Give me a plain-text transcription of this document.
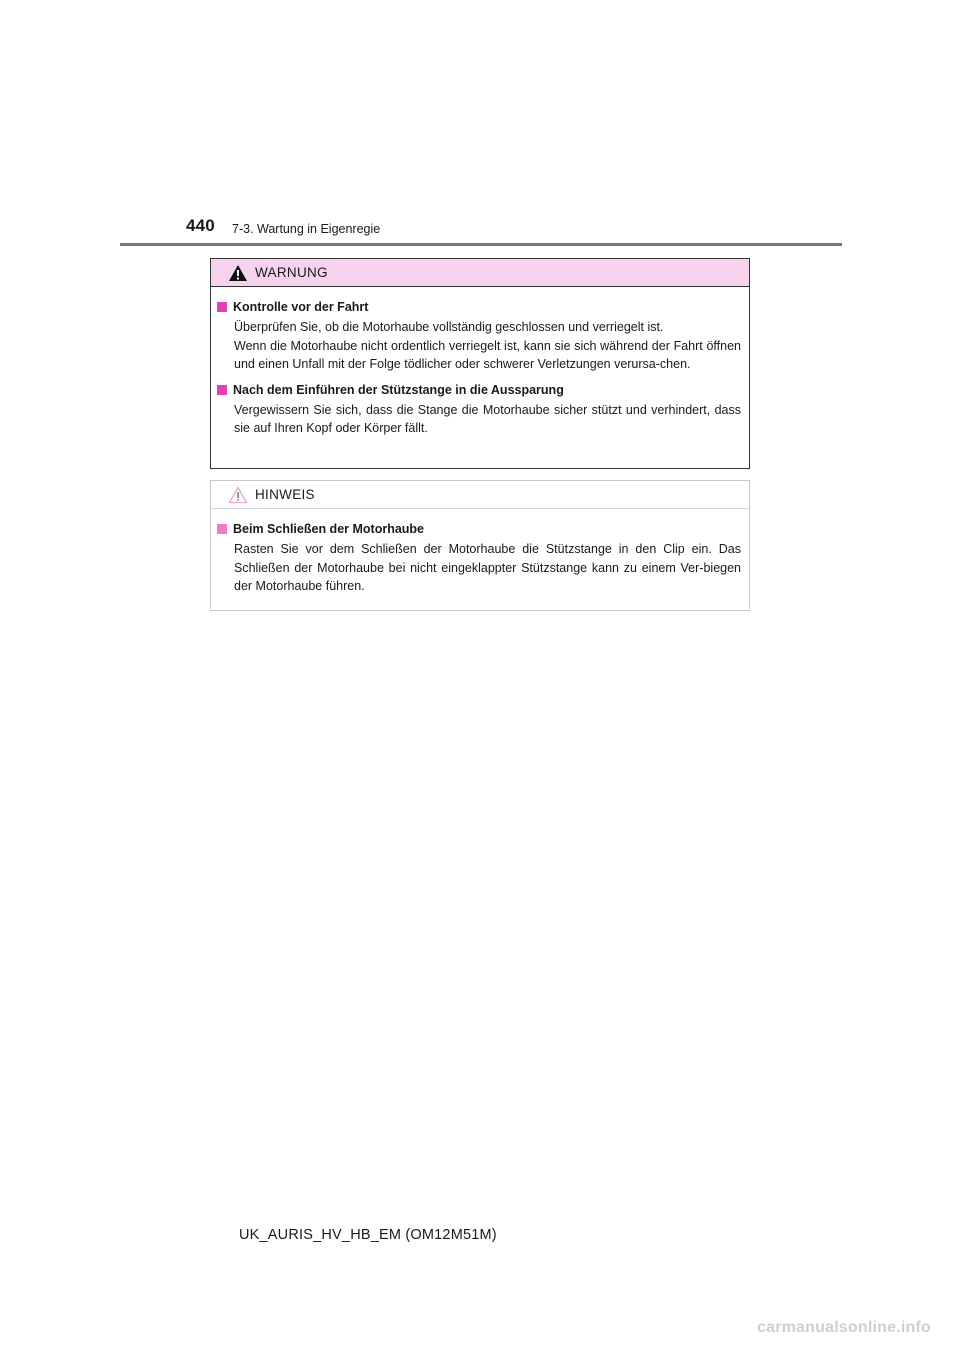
440 7-3. Wartung in Eigenregie
WARNUNG
Kontrolle vor der Fahrt
Überprüfen Sie, ob die Motorhaube vollständig geschlossen und verriegelt ist.
Wenn die Motorhaube nicht ordentlich verriegelt ist, kann sie sich während der Fahrt öffnen und einen Unfall mit der Folge tödlicher oder schwerer Verletzungen verursa-chen.
Nach dem Einführen der Stützstange in die Aussparung
Vergewissern Sie sich, dass die Stange die Motorhaube sicher stützt und verhindert, dass sie auf Ihren Kopf oder Körper fällt.
HINWEIS
Beim Schließen der Motorhaube
Rasten Sie vor dem Schließen der Motorhaube die Stützstange in den Clip ein. Das Schließen der Motorhaube bei nicht eingeklappter Stützstange kann zu einem Ver-biegen der Motorhaube führen.
UK_AURIS_HV_HB_EM (OM12M51M)
carmanualsonline.info
